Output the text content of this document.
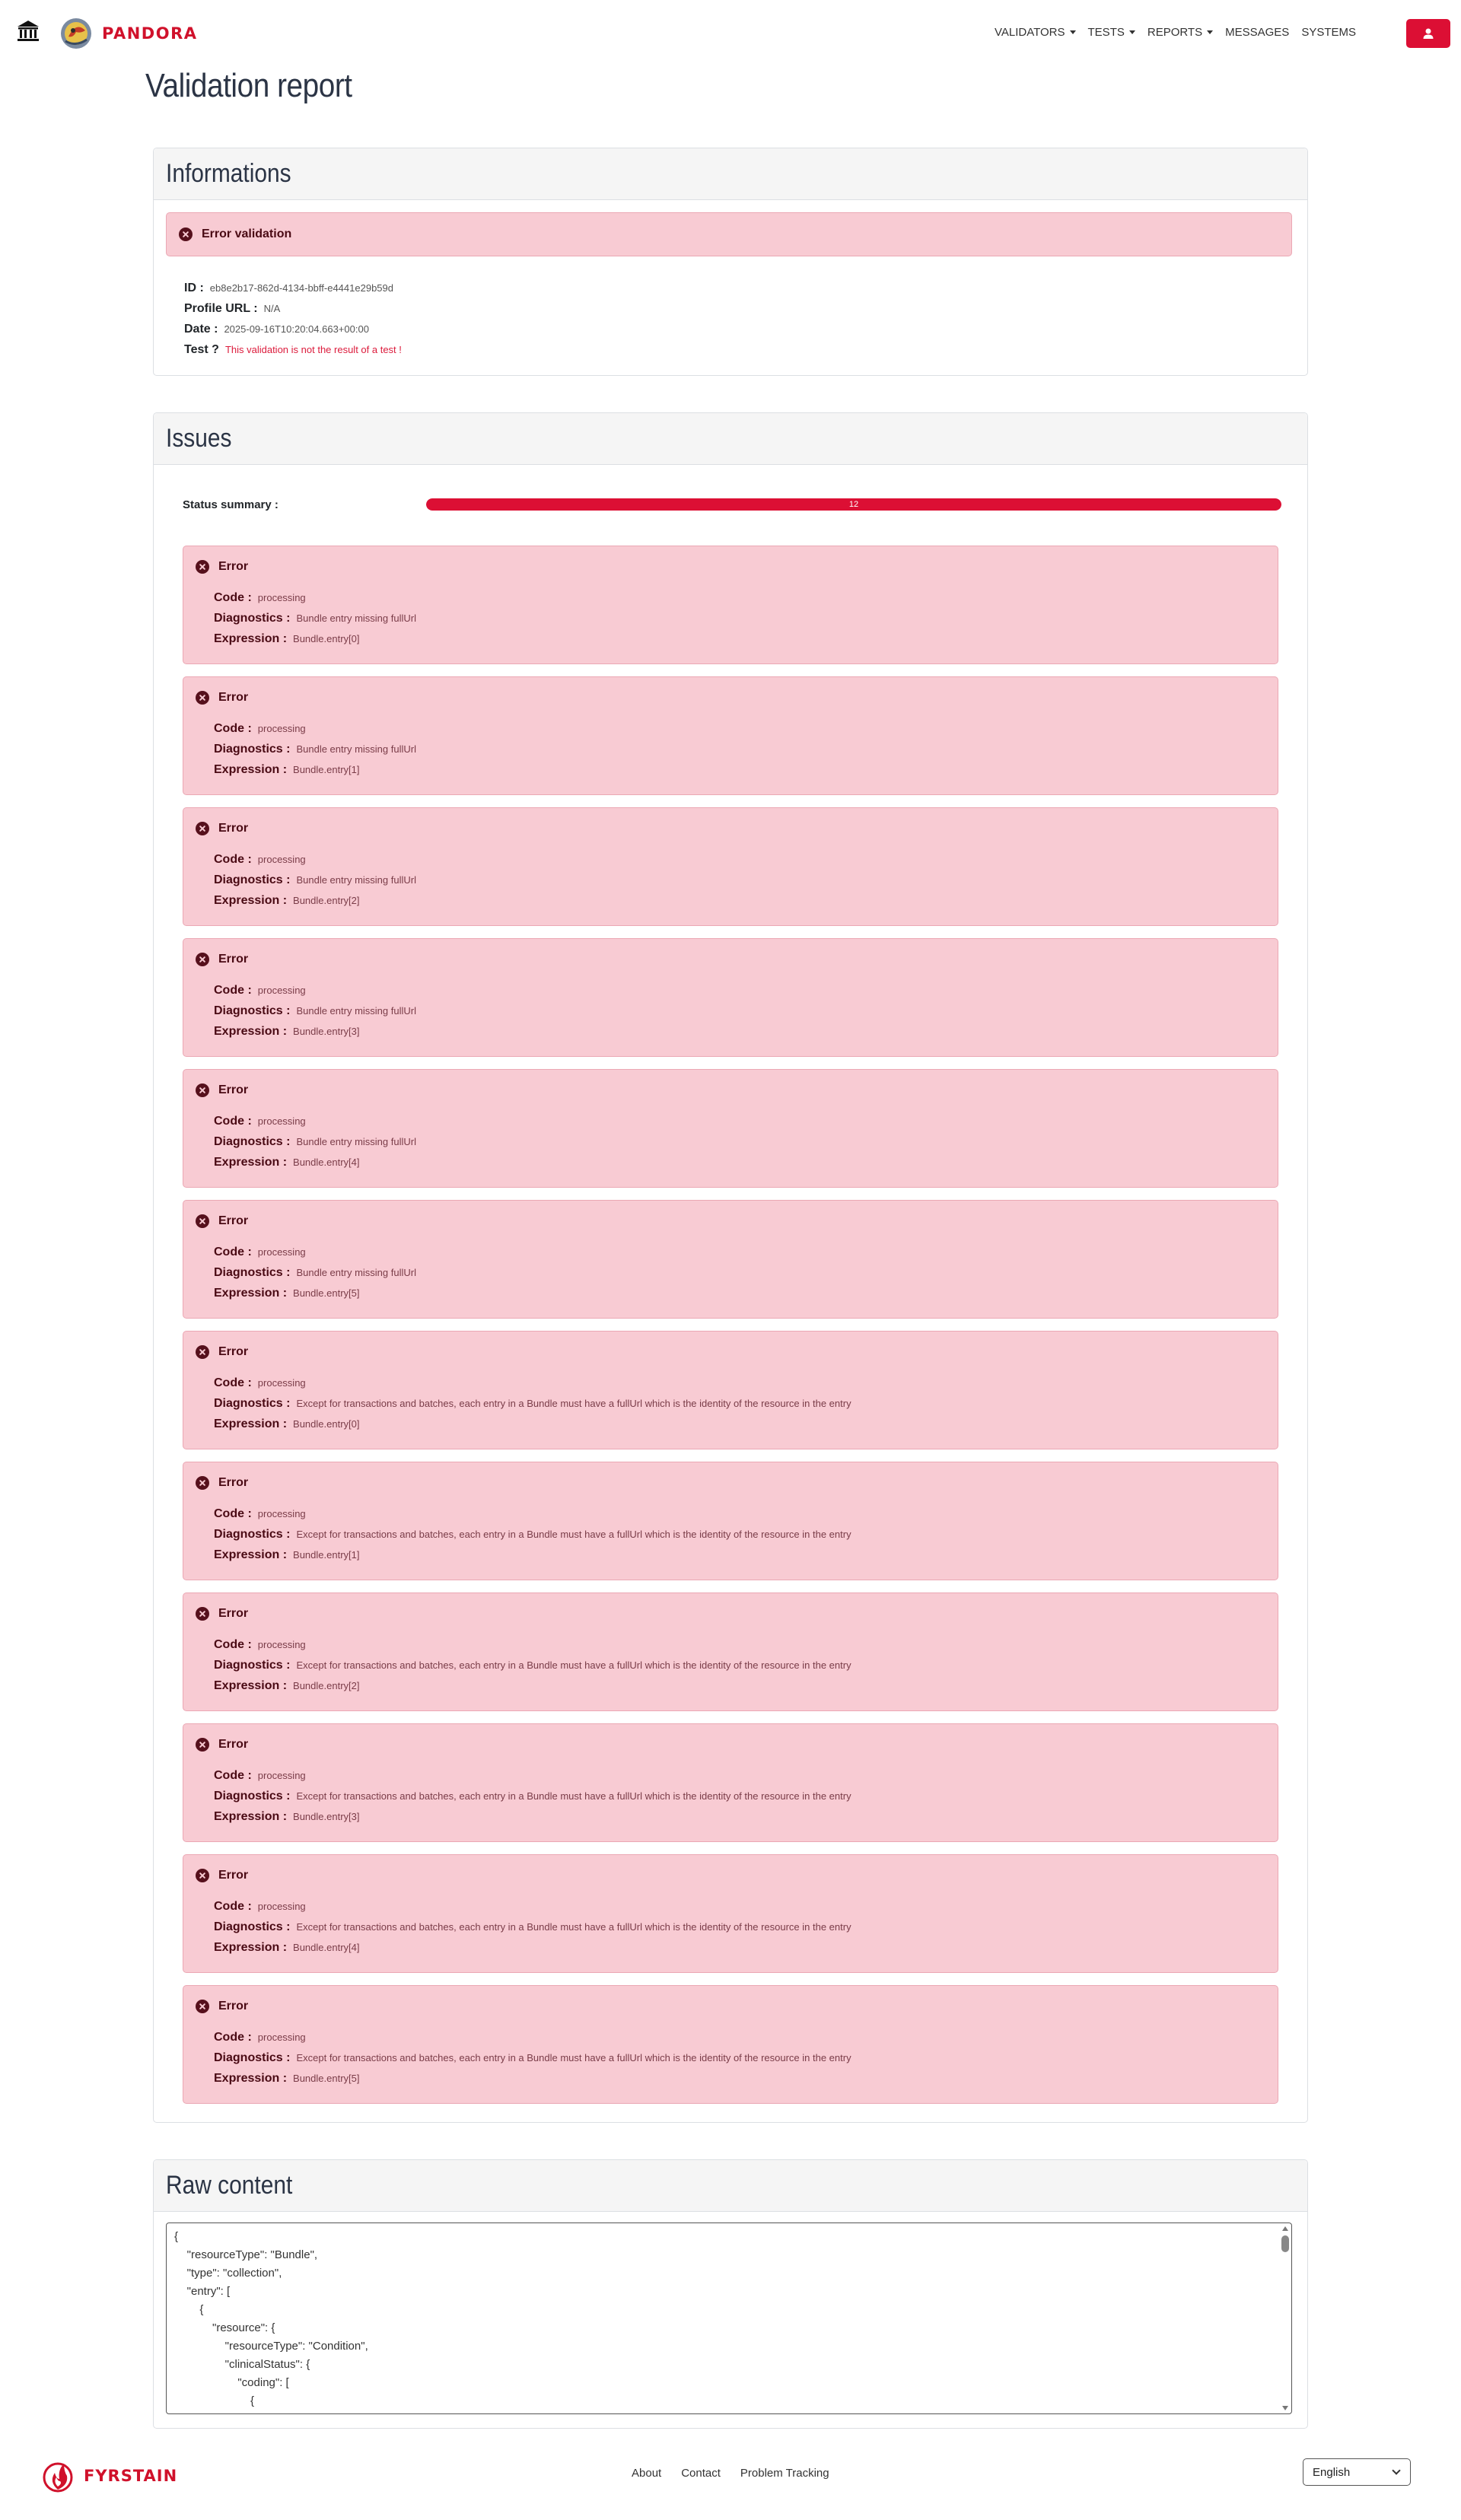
PANDORA	VALIDATORS TESTS REPORTS MESSAGES SYSTEMS
Validation report
Informations
Error validation
ID : eb8e2b17-862d-4134-bbff-e4441e29b59d
Profile URL : N/A
Date : 2025-09-16T10:20:04.663+00:00
Test ? This validation is not the result of a test !
Issues
Status summary :	12
Error
Code : processing
Diagnostics : Bundle entry missing fullUrl
Expression : Bundle.entry[0]
Error
Code : processing
Diagnostics : Bundle entry missing fullUrl
Expression : Bundle.entry[1]
Error
Code : processing
Diagnostics : Bundle entry missing fullUrl
Expression : Bundle.entry[2]
Error
Code : processing
Diagnostics : Bundle entry missing fullUrl
Expression : Bundle.entry[3]
Error
Code : processing
Diagnostics : Bundle entry missing fullUrl
Expression : Bundle.entry[4]
Error
Code : processing
Diagnostics : Bundle entry missing fullUrl
Expression : Bundle.entry[5]
Error
Code : processing
Diagnostics : Except for transactions and batches, each entry in a Bundle must have a fullUrl which is the identity of the resource in the entry
Expression : Bundle.entry[0]
Error
Code : processing
Diagnostics : Except for transactions and batches, each entry in a Bundle must have a fullUrl which is the identity of the resource in the entry
Expression : Bundle.entry[1]
Error
Code : processing
Diagnostics : Except for transactions and batches, each entry in a Bundle must have a fullUrl which is the identity of the resource in the entry
Expression : Bundle.entry[2]
Error
Code : processing
Diagnostics : Except for transactions and batches, each entry in a Bundle must have a fullUrl which is the identity of the resource in the entry
Expression : Bundle.entry[3]
Error
Code : processing
Diagnostics : Except for transactions and batches, each entry in a Bundle must have a fullUrl which is the identity of the resource in the entry
Expression : Bundle.entry[4]
Error
Code : processing
Diagnostics : Except for transactions and batches, each entry in a Bundle must have a fullUrl which is the identity of the resource in the entry
Expression : Bundle.entry[5]
Raw content
{
"resourceType": "Bundle",
"type": "collection",
"entry": [
{
"resource": {
"resourceType": "Condition",
"clinicalStatus": {
"coding": [
{
FYRSTAIN	About Contact Problem Tracking	English
